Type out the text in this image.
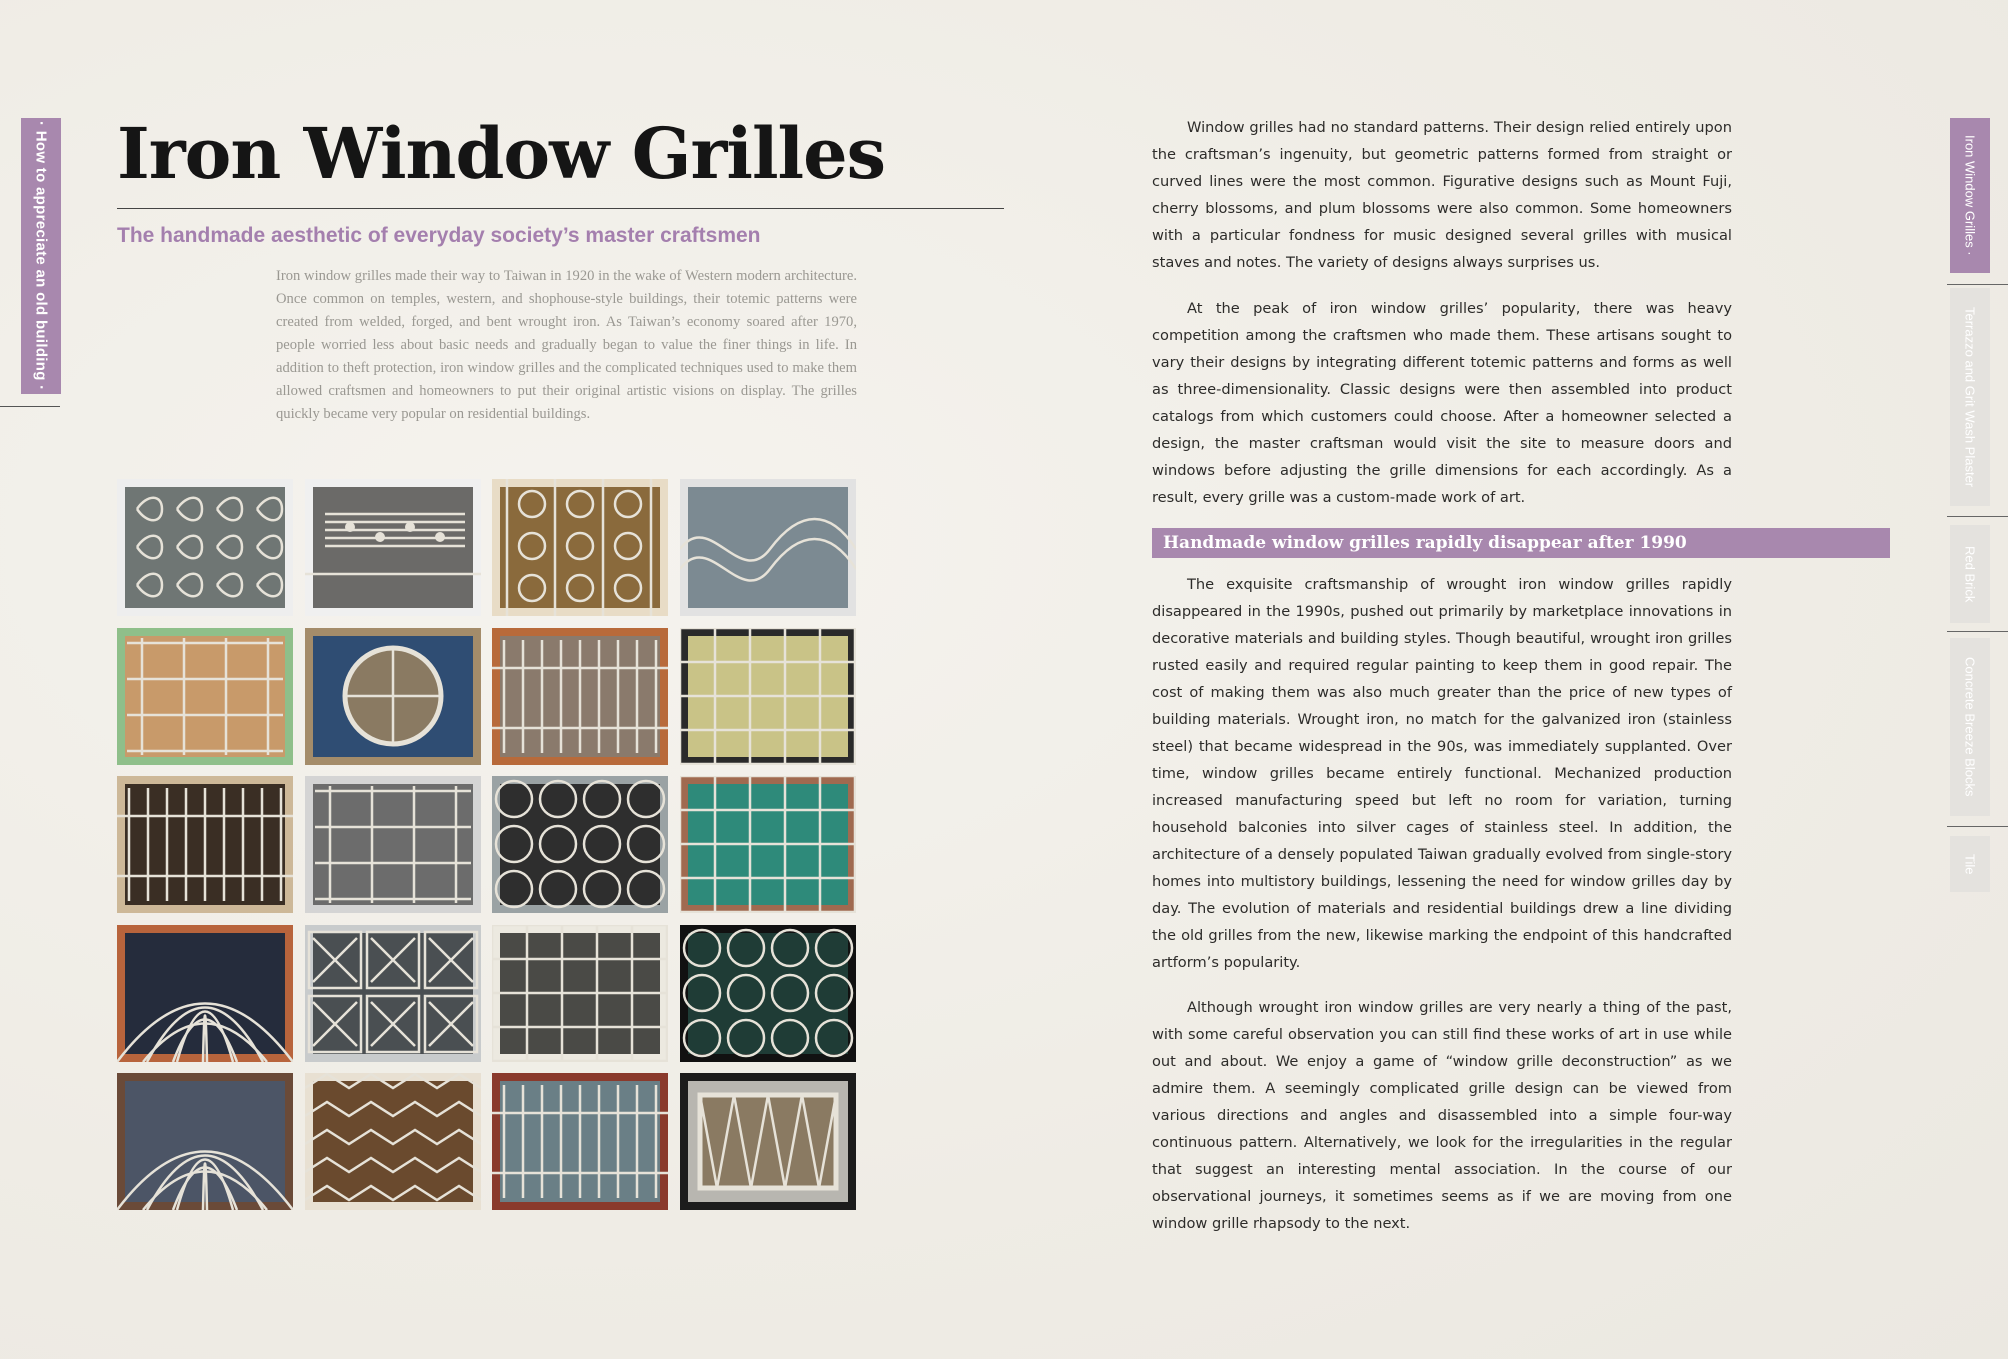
· How to appreciate an old building · Iron Window Grilles
The handmade aesthetic of everyday society’s master craftsmen

Iron window grilles made their way to Taiwan in 1920 in the wake of Western modern architecture. Once common on temples, western, and shophouse-style buildings, their totemic patterns were created from welded, forged, and bent wrought iron. As Taiwan’s economy soared after 1970, people worried less about basic needs and gradually began to value the finer things in life. In addition to theft protection, iron window grilles and the complicated techniques used to make them allowed craftsmen and homeowners to put their original artistic visions on display. The grilles quickly became very popular on residential buildings.

Window grilles had no standard patterns. Their design relied entirely upon the craftsman’s ingenuity, but geometric patterns formed from straight or curved lines were the most common. Figurative designs such as Mount Fuji, cherry blossoms, and plum blossoms were also common. Some homeowners with a particular fondness for music designed several grilles with musical staves and notes. The variety of designs always surprises us.

At the peak of iron window grilles’ popularity, there was heavy competition among the craftsmen who made them. These artisans sought to vary their designs by integrating different totemic patterns and forms as well as three-dimensionality. Classic designs were then assembled into product catalogs from which customers could choose. After a homeowner selected a design, the master craftsman would visit the site to measure doors and windows before adjusting the grille dimensions for each accordingly. As a result, every grille was a custom-made work of art.

Handmade window grilles rapidly disappear after 1990

The exquisite craftsmanship of wrought iron window grilles rapidly disappeared in the 1990s, pushed out primarily by marketplace innovations in decorative materials and building styles. Though beautiful, wrought iron grilles rusted easily and required regular painting to keep them in good repair. The cost of making them was also much greater than the price of new types of building materials. Wrought iron, no match for the galvanized iron (stainless steel) that became widespread in the 90s, was immediately supplanted. Over time, window grilles became entirely functional. Mechanized production increased manufacturing speed but left no room for variation, turning household balconies into silver cages of stainless steel. In addition, the architecture of a densely populated Taiwan gradually evolved from single-story homes into multistory buildings, lessening the need for window grilles day by day. The evolution of materials and residential buildings drew a line dividing the old grilles from the new, likewise marking the endpoint of this handcrafted artform’s popularity.

Although wrought iron window grilles are very nearly a thing of the past, with some careful observation you can still find these works of art in use while out and about. We enjoy a game of “window grille deconstruction” as we admire them. A seemingly complicated grille design can be viewed from various directions and angles and disassembled into a simple four-way continuous pattern. Alternatively, we look for the irregularities in the regular that suggest an interesting mental association. In the course of our observational journeys, it sometimes seems as if we are moving from one window grille rhapsody to the next.

Iron Window Grilles ·
Terrazzo and Grit Wash Plaster
Red Brick
Concrete Breeze Blocks
Tile
